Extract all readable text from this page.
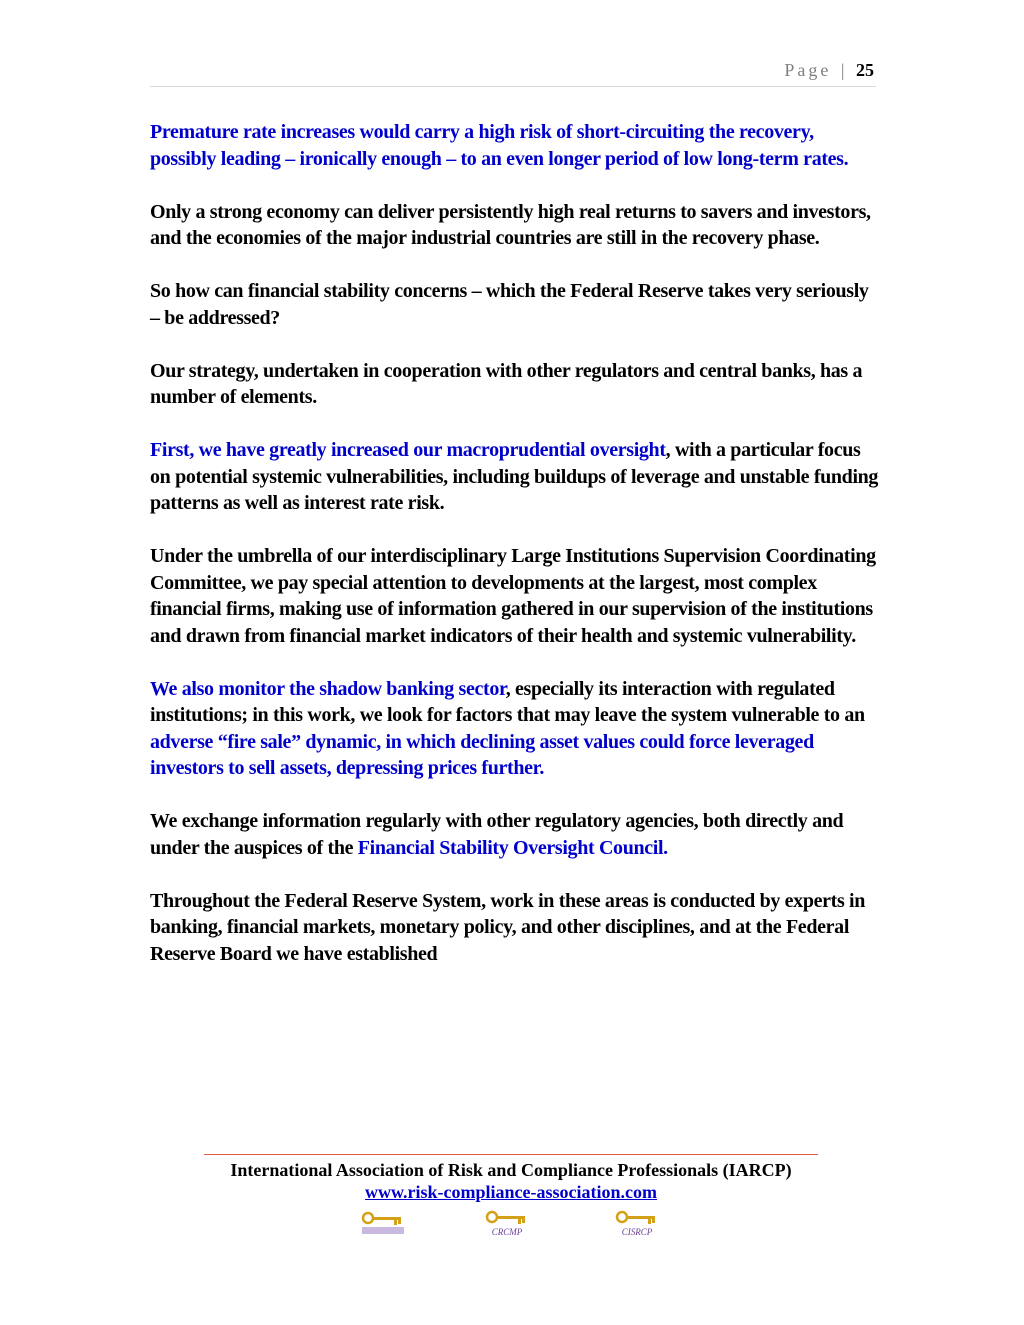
Page | 25

Premature rate increases would carry a high risk of short-circuiting the recovery, possibly leading – ironically enough – to an even longer period of low long-term rates.

Only a strong economy can deliver persistently high real returns to savers and investors, and the economies of the major industrial countries are still in the recovery phase.

So how can financial stability concerns – which the Federal Reserve takes very seriously – be addressed?

Our strategy, undertaken in cooperation with other regulators and central banks, has a number of elements.

First, we have greatly increased our macroprudential oversight, with a particular focus on potential systemic vulnerabilities, including buildups of leverage and unstable funding patterns as well as interest rate risk.

Under the umbrella of our interdisciplinary Large Institutions Supervision Coordinating Committee, we pay special attention to developments at the largest, most complex financial firms, making use of information gathered in our supervision of the institutions and drawn from financial market indicators of their health and systemic vulnerability.

We also monitor the shadow banking sector, especially its interaction with regulated institutions; in this work, we look for factors that may leave the system vulnerable to an adverse “fire sale” dynamic, in which declining asset values could force leveraged investors to sell assets, depressing prices further.

We exchange information regularly with other regulatory agencies, both directly and under the auspices of the Financial Stability Oversight Council.

Throughout the Federal Reserve System, work in these areas is conducted by experts in banking, financial markets, monetary policy, and other disciplines, and at the Federal Reserve Board we have established

International Association of Risk and Compliance Professionals (IARCP)
www.risk-compliance-association.com
CRCMP	CISRCP
